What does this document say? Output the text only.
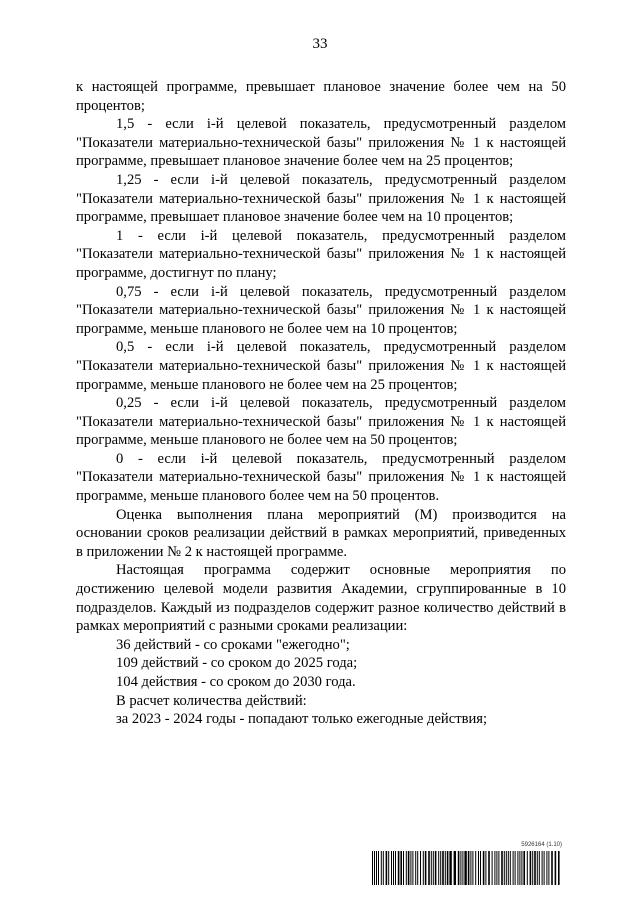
33

к настоящей программе, превышает плановое значение более чем на 50 процентов;

1,5 - если i-й целевой показатель, предусмотренный разделом "Показатели материально-технической базы" приложения № 1 к настоящей программе, превышает плановое значение более чем на 25 процентов;

1,25 - если i-й целевой показатель, предусмотренный разделом "Показатели материально-технической базы" приложения № 1 к настоящей программе, превышает плановое значение более чем на 10 процентов;

1 - если i-й целевой показатель, предусмотренный разделом "Показатели материально-технической базы" приложения № 1 к настоящей программе, достигнут по плану;

0,75 - если i-й целевой показатель, предусмотренный разделом "Показатели материально-технической базы" приложения № 1 к настоящей программе, меньше планового не более чем на 10 процентов;

0,5 - если i-й целевой показатель, предусмотренный разделом "Показатели материально-технической базы" приложения № 1 к настоящей программе, меньше планового не более чем на 25 процентов;

0,25 - если i-й целевой показатель, предусмотренный разделом "Показатели материально-технической базы" приложения № 1 к настоящей программе, меньше планового не более чем на 50 процентов;

0 - если i-й целевой показатель, предусмотренный разделом "Показатели материально-технической базы" приложения № 1 к настоящей программе, меньше планового более чем на 50 процентов.

Оценка выполнения плана мероприятий (M) производится на основании сроков реализации действий в рамках мероприятий, приведенных в приложении № 2 к настоящей программе.

Настоящая программа содержит основные мероприятия по достижению целевой модели развития Академии, сгруппированные в 10 подразделов. Каждый из подразделов содержит разное количество действий в рамках мероприятий с разными сроками реализации:

36 действий - со сроками "ежегодно";

109 действий - со сроком до 2025 года;

104 действия - со сроком до 2030 года.

В расчет количества действий:

за 2023 - 2024 годы - попадают только ежегодные действия;

5926164 (1.10)
